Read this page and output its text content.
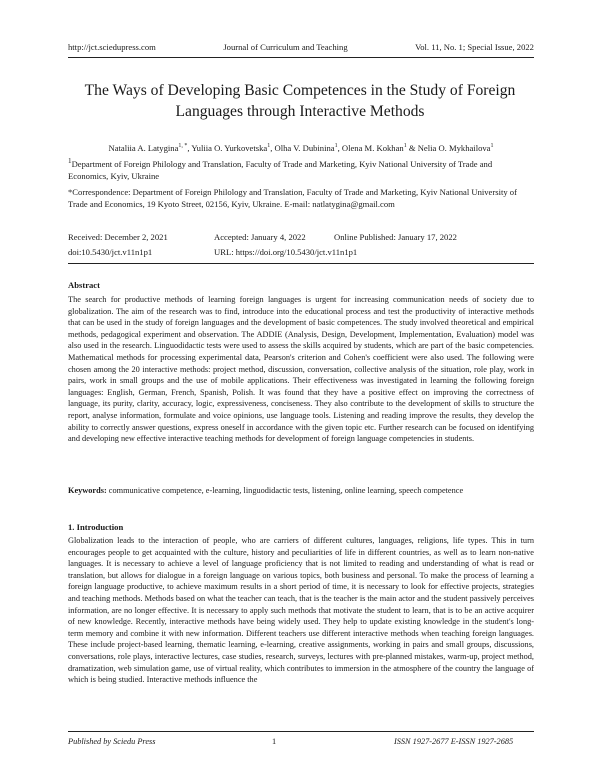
http://jct.sciedupress.com	Journal of Curriculum and Teaching	Vol. 11, No. 1; Special Issue, 2022
The Ways of Developing Basic Competences in the Study of Foreign Languages through Interactive Methods
Nataliia A. Latygina$^{1, *}$, Yuliia O. Yurkovetska$^1$, Olha V. Dubinina$^1$, Olena M. Kokhan$^1$ & Nelia O. Mykhailova$^1$
$^1$Department of Foreign Philology and Translation, Faculty of Trade and Marketing, Kyiv National University of Trade and Economics, Kyiv, Ukraine
*Correspondence: Department of Foreign Philology and Translation, Faculty of Trade and Marketing, Kyiv National University of Trade and Economics, 19 Kyoto Street, 02156, Kyiv, Ukraine. E-mail: natlatygina@gmail.com
Received: December 2, 2021	Accepted: January 4, 2022	Online Published: January 17, 2022
doi:10.5430/jct.v11n1p1	URL: https://doi.org/10.5430/jct.v11n1p1
Abstract

The search for productive methods of learning foreign languages is urgent for increasing communication needs of society due to globalization. The aim of the research was to find, introduce into the educational process and test the productivity of interactive methods that can be used in the study of foreign languages and the development of basic competences. The study involved theoretical and empirical methods, pedagogical experiment and observation. The ADDIE (Analysis, Design, Development, Implementation, Evaluation) model was also used in the research. Linguodidactic tests were used to assess the skills acquired by students, which are part of the basic competencies. Mathematical methods for processing experimental data, Pearson's criterion and Cohen's coefficient were also used. The following were chosen among the 20 interactive methods: project method, discussion, conversation, collective analysis of the situation, role play, work in pairs, work in small groups and the use of mobile applications. Their effectiveness was investigated in learning the following foreign languages: English, German, French, Spanish, Polish. It was found that they have a positive effect on improving the correctness of language, its purity, clarity, accuracy, logic, expressiveness, conciseness. They also contribute to the development of skills to structure the report, analyse information, formulate and voice opinions, use language tools. Listening and reading improve the results, they develop the ability to correctly answer questions, express oneself in accordance with the given topic etc. Further research can be focused on identifying and developing new effective interactive teaching methods for development of foreign language competencies in students.

Keywords: communicative competence, e-learning, linguodidactic tests, listening, online learning, speech competence
1. Introduction

Globalization leads to the interaction of people, who are carriers of different cultures, languages, religions, life types. This in turn encourages people to get acquainted with the culture, history and peculiarities of life in different countries, as well as to learn non-native languages. It is necessary to achieve a level of language proficiency that is not limited to reading and understanding of what is read or translation, but allows for dialogue in a foreign language on various topics, both business and personal. To make the process of learning a foreign language productive, to achieve maximum results in a short period of time, it is necessary to look for effective projects, strategies and teaching methods. Methods based on what the teacher can teach, that is the teacher is the main actor and the student passively perceives information, are no longer effective. It is necessary to apply such methods that motivate the student to learn, that is to be an active acquirer of new knowledge. Recently, interactive methods have being widely used. They help to update existing knowledge in the student's long-term memory and combine it with new information. Different teachers use different interactive methods when teaching foreign languages. These include project-based learning, thematic learning, e-learning, creative assignments, working in pairs and small groups, discussions, conversations, role plays, interactive lectures, case studies, research, surveys, lectures with pre-planned mistakes, warm-up, project method, dramatization, web simulation game, use of virtual reality, which contributes to immersion in the atmosphere of the country the language of which is being studied. Interactive methods influence the

Published by Sciedu Press	1	ISSN 1927-2677 E-ISSN 1927-2685
